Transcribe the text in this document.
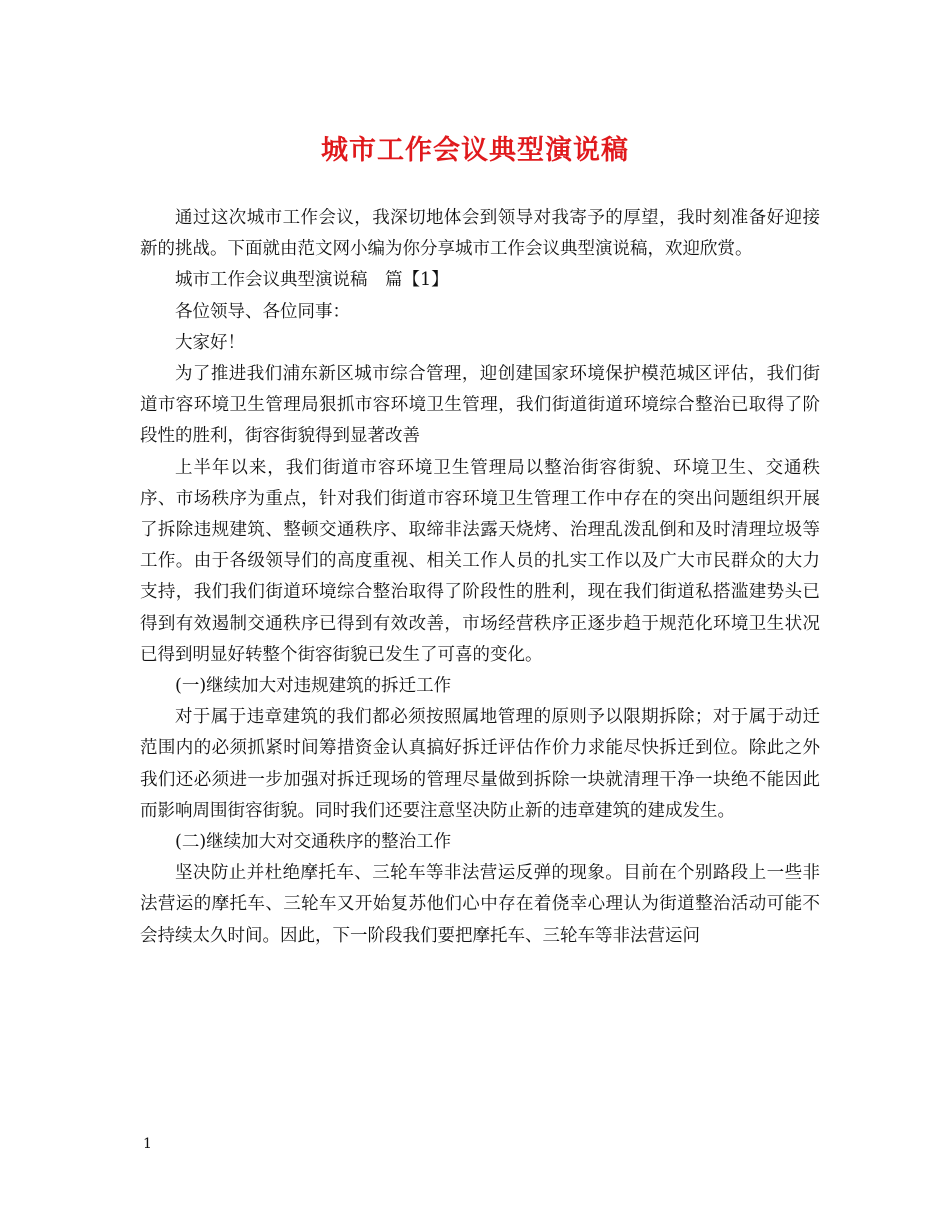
城市工作会议典型演说稿

通过这次城市工作会议，我深切地体会到领导对我寄予的厚望，我时刻准备好迎接新的挑战。下面就由范文网小编为你分享城市工作会议典型演说稿，欢迎欣赏。

城市工作会议典型演说稿　篇【1】

各位领导、各位同事：

大家好！

为了推进我们浦东新区城市综合管理，迎创建国家环境保护模范城区评估，我们街道市容环境卫生管理局狠抓市容环境卫生管理，我们街道街道环境综合整治已取得了阶段性的胜利，街容街貌得到显著改善

上半年以来，我们街道市容环境卫生管理局以整治街容街貌、环境卫生、交通秩序、市场秩序为重点，针对我们街道市容环境卫生管理工作中存在的突出问题组织开展了拆除违规建筑、整顿交通秩序、取缔非法露天烧烤、治理乱泼乱倒和及时清理垃圾等工作。由于各级领导们的高度重视、相关工作人员的扎实工作以及广大市民群众的大力支持，我们我们街道环境综合整治取得了阶段性的胜利，现在我们街道私搭滥建势头已得到有效遏制交通秩序已得到有效改善，市场经营秩序正逐步趋于规范化环境卫生状况已得到明显好转整个街容街貌已发生了可喜的变化。

(一)继续加大对违规建筑的拆迁工作

对于属于违章建筑的我们都必须按照属地管理的原则予以限期拆除；对于属于动迁范围内的必须抓紧时间筹措资金认真搞好拆迁评估作价力求能尽快拆迁到位。除此之外我们还必须进一步加强对拆迁现场的管理尽量做到拆除一块就清理干净一块绝不能因此而影响周围街容街貌。同时我们还要注意坚决防止新的违章建筑的建成发生。

(二)继续加大对交通秩序的整治工作

坚决防止并杜绝摩托车、三轮车等非法营运反弹的现象。目前在个别路段上一些非法营运的摩托车、三轮车又开始复苏他们心中存在着侥幸心理认为街道整治活动可能不会持续太久时间。因此，下一阶段我们要把摩托车、三轮车等非法营运问

1
